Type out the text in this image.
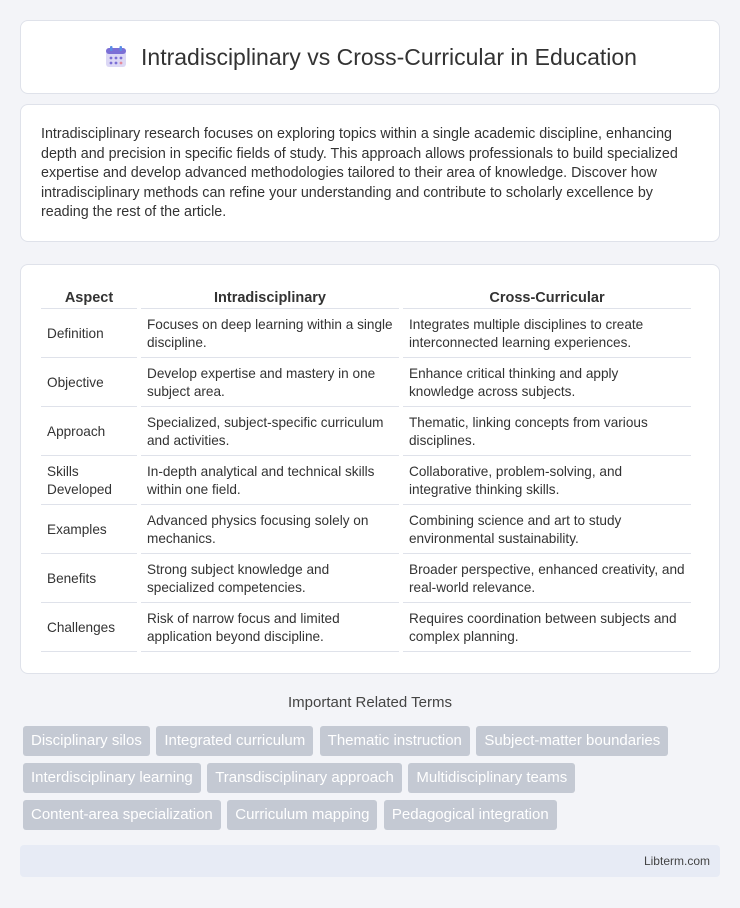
Intradisciplinary vs Cross-Curricular in Education

Intradisciplinary research focuses on exploring topics within a single academic discipline, enhancing depth and precision in specific fields of study. This approach allows professionals to build specialized expertise and develop advanced methodologies tailored to their area of knowledge. Discover how intradisciplinary methods can refine your understanding and contribute to scholarly excellence by reading the rest of the article.

Aspect	Intradisciplinary	Cross-Curricular
Definition	Focuses on deep learning within a single discipline.	Integrates multiple disciplines to create interconnected learning experiences.
Objective	Develop expertise and mastery in one subject area.	Enhance critical thinking and apply knowledge across subjects.
Approach	Specialized, subject-specific curriculum and activities.	Thematic, linking concepts from various disciplines.
Skills Developed	In-depth analytical and technical skills within one field.	Collaborative, problem-solving, and integrative thinking skills.
Examples	Advanced physics focusing solely on mechanics.	Combining science and art to study environmental sustainability.
Benefits	Strong subject knowledge and specialized competencies.	Broader perspective, enhanced creativity, and real-world relevance.
Challenges	Risk of narrow focus and limited application beyond discipline.	Requires coordination between subjects and complex planning.
Important Related Terms
Disciplinary silos Integrated curriculum Thematic instruction Subject-matter boundaries Interdisciplinary learning Transdisciplinary approach Multidisciplinary teams Content-area specialization Curriculum mapping Pedagogical integration
Libterm.com
